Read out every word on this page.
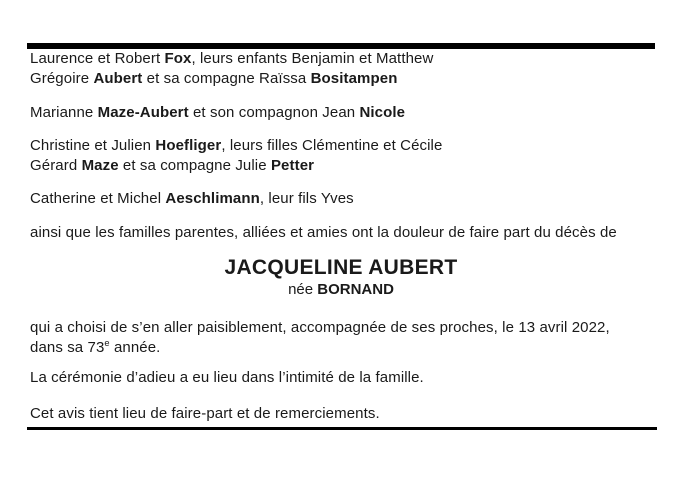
Laurence et Robert Fox, leurs enfants Benjamin et Matthew
Grégoire Aubert et sa compagne Raïssa Bositampen
Marianne Maze-Aubert et son compagnon Jean Nicole
Christine et Julien Hoefliger, leurs filles Clémentine et Cécile
Gérard Maze et sa compagne Julie Petter
Catherine et Michel Aeschlimann, leur fils Yves
ainsi que les familles parentes, alliées et amies ont la douleur de faire part du décès de
JACQUELINE AUBERT
née BORNAND
qui a choisi de s’en aller paisiblement, accompagnée de ses proches, le 13 avril 2022,
dans sa 73e année.
La cérémonie d’adieu a eu lieu dans l’intimité de la famille.
Cet avis tient lieu de faire-part et de remerciements.
